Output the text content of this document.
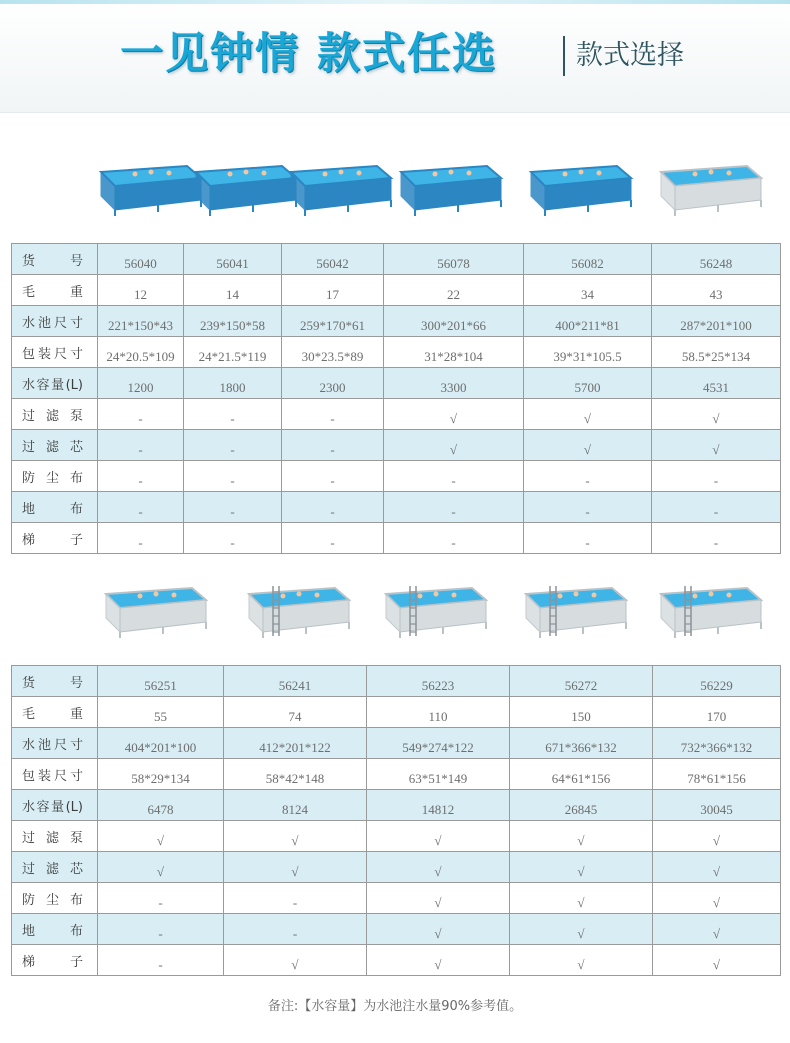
一见钟情 款式任选	款式选择
货　号	56040	56041	56042	56078	56082	56248
毛　重	12	14	17	22	34	43
水池尺寸	221*150*43	239*150*58	259*170*61	300*201*66	400*211*81	287*201*100
包装尺寸	24*20.5*109	24*21.5*119	30*23.5*89	31*28*104	39*31*105.5	58.5*25*134
水容量(L)	1200	1800	2300	3300	5700	4531
过滤泵	-	-	-	√	√	√
过滤芯	-	-	-	√	√	√
防尘布	-	-	-	-	-	-
地　布	-	-	-	-	-	-
梯　子	-	-	-	-	-	-
货　号	56251	56241	56223	56272	56229
毛　重	55	74	110	150	170
水池尺寸	404*201*100	412*201*122	549*274*122	671*366*132	732*366*132
包装尺寸	58*29*134	58*42*148	63*51*149	64*61*156	78*61*156
水容量(L)	6478	8124	14812	26845	30045
过滤泵	√	√	√	√	√
过滤芯	√	√	√	√	√
防尘布	-	-	√	√	√
地　布	-	-	√	√	√
梯　子	-	√	√	√	√
备注:【水容量】为水池注水量90%参考值。
